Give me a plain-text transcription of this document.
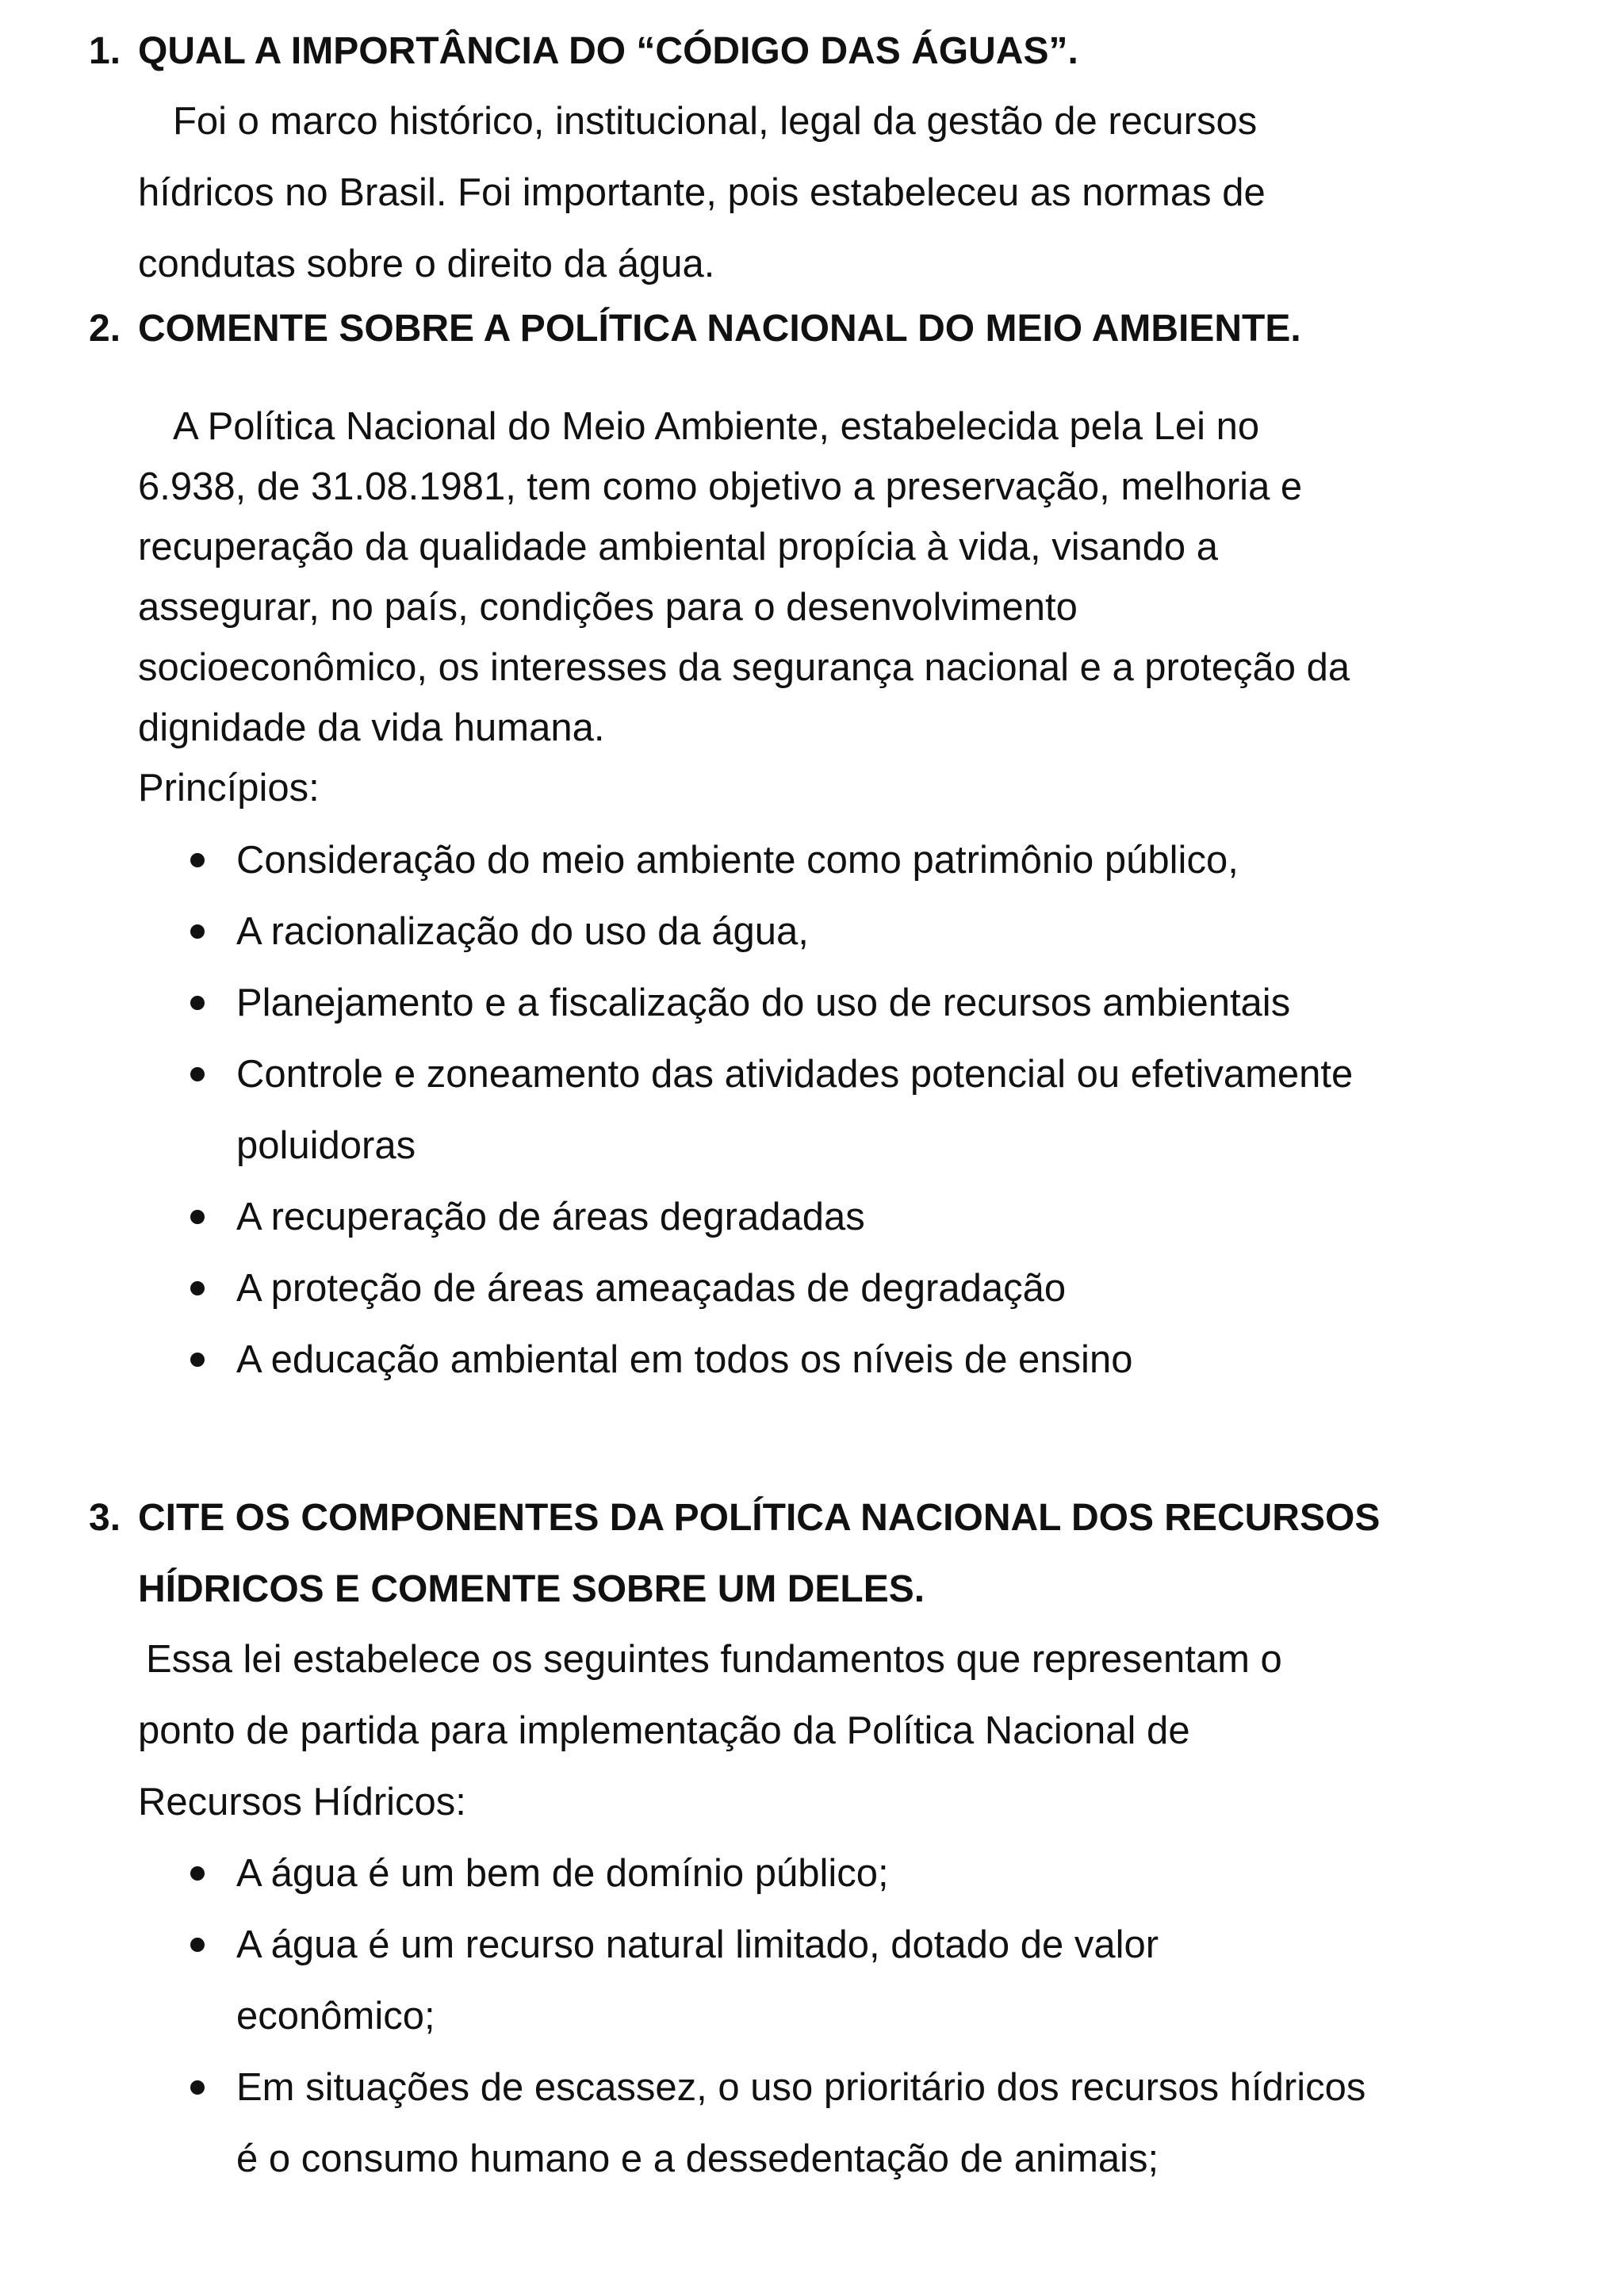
1. QUAL A IMPORTÂNCIA DO “CÓDIGO DAS ÁGUAS”.
Foi o marco histórico, institucional, legal da gestão de recursos
hídricos no Brasil. Foi importante, pois estabeleceu as normas de
condutas sobre o direito da água.
2. COMENTE SOBRE A POLÍTICA NACIONAL DO MEIO AMBIENTE.
A Política Nacional do Meio Ambiente, estabelecida pela Lei no
6.938, de 31.08.1981, tem como objetivo a preservação, melhoria e
recuperação da qualidade ambiental propícia à vida, visando a
assegurar, no país, condições para o desenvolvimento
socioeconômico, os interesses da segurança nacional e a proteção da
dignidade da vida humana.
Princípios:
Consideração do meio ambiente como patrimônio público,
A racionalização do uso da água,
Planejamento e a fiscalização do uso de recursos ambientais
Controle e zoneamento das atividades potencial ou efetivamente
poluidoras
A recuperação de áreas degradadas
A proteção de áreas ameaçadas de degradação
A educação ambiental em todos os níveis de ensino
3. CITE OS COMPONENTES DA POLÍTICA NACIONAL DOS RECURSOS
HÍDRICOS E COMENTE SOBRE UM DELES.
Essa lei estabelece os seguintes fundamentos que representam o
ponto de partida para implementação da Política Nacional de
Recursos Hídricos:
A água é um bem de domínio público;
A água é um recurso natural limitado, dotado de valor
econômico;
Em situações de escassez, o uso prioritário dos recursos hídricos
é o consumo humano e a dessedentação de animais;
